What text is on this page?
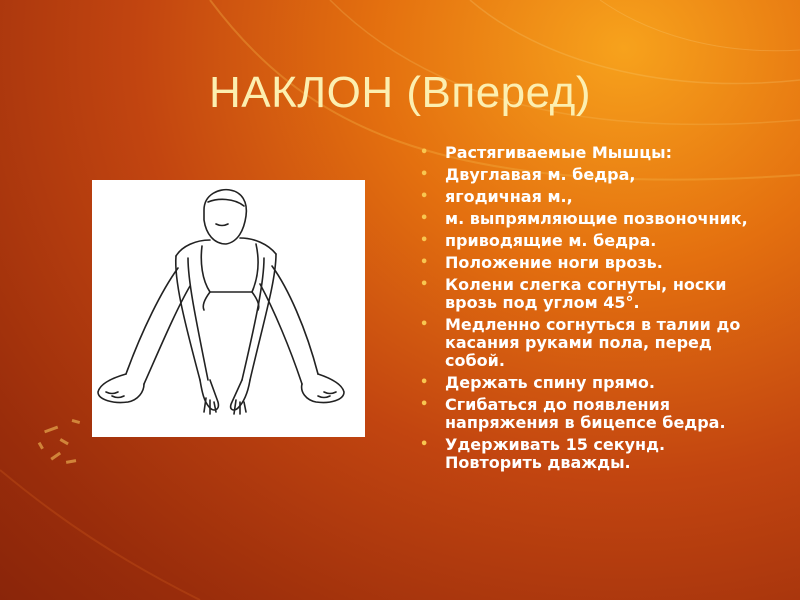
НАКЛОН (Вперед)
• Растягиваемые Мышцы:
• Двуглавая м. бедра,
• ягодичная м.,
• м. выпрямляющие позвоночник,
• приводящие м. бедра.
• Положение ноги врозь.
• Колени слегка согнуты, носки врозь под углом 45°.
• Медленно согнуться в талии до касания руками пола, перед собой.
• Держать спину прямо.
• Сгибаться до появления напряжения в бицепсе бедра.
• Удерживать 15 секунд. Повторить дважды.
